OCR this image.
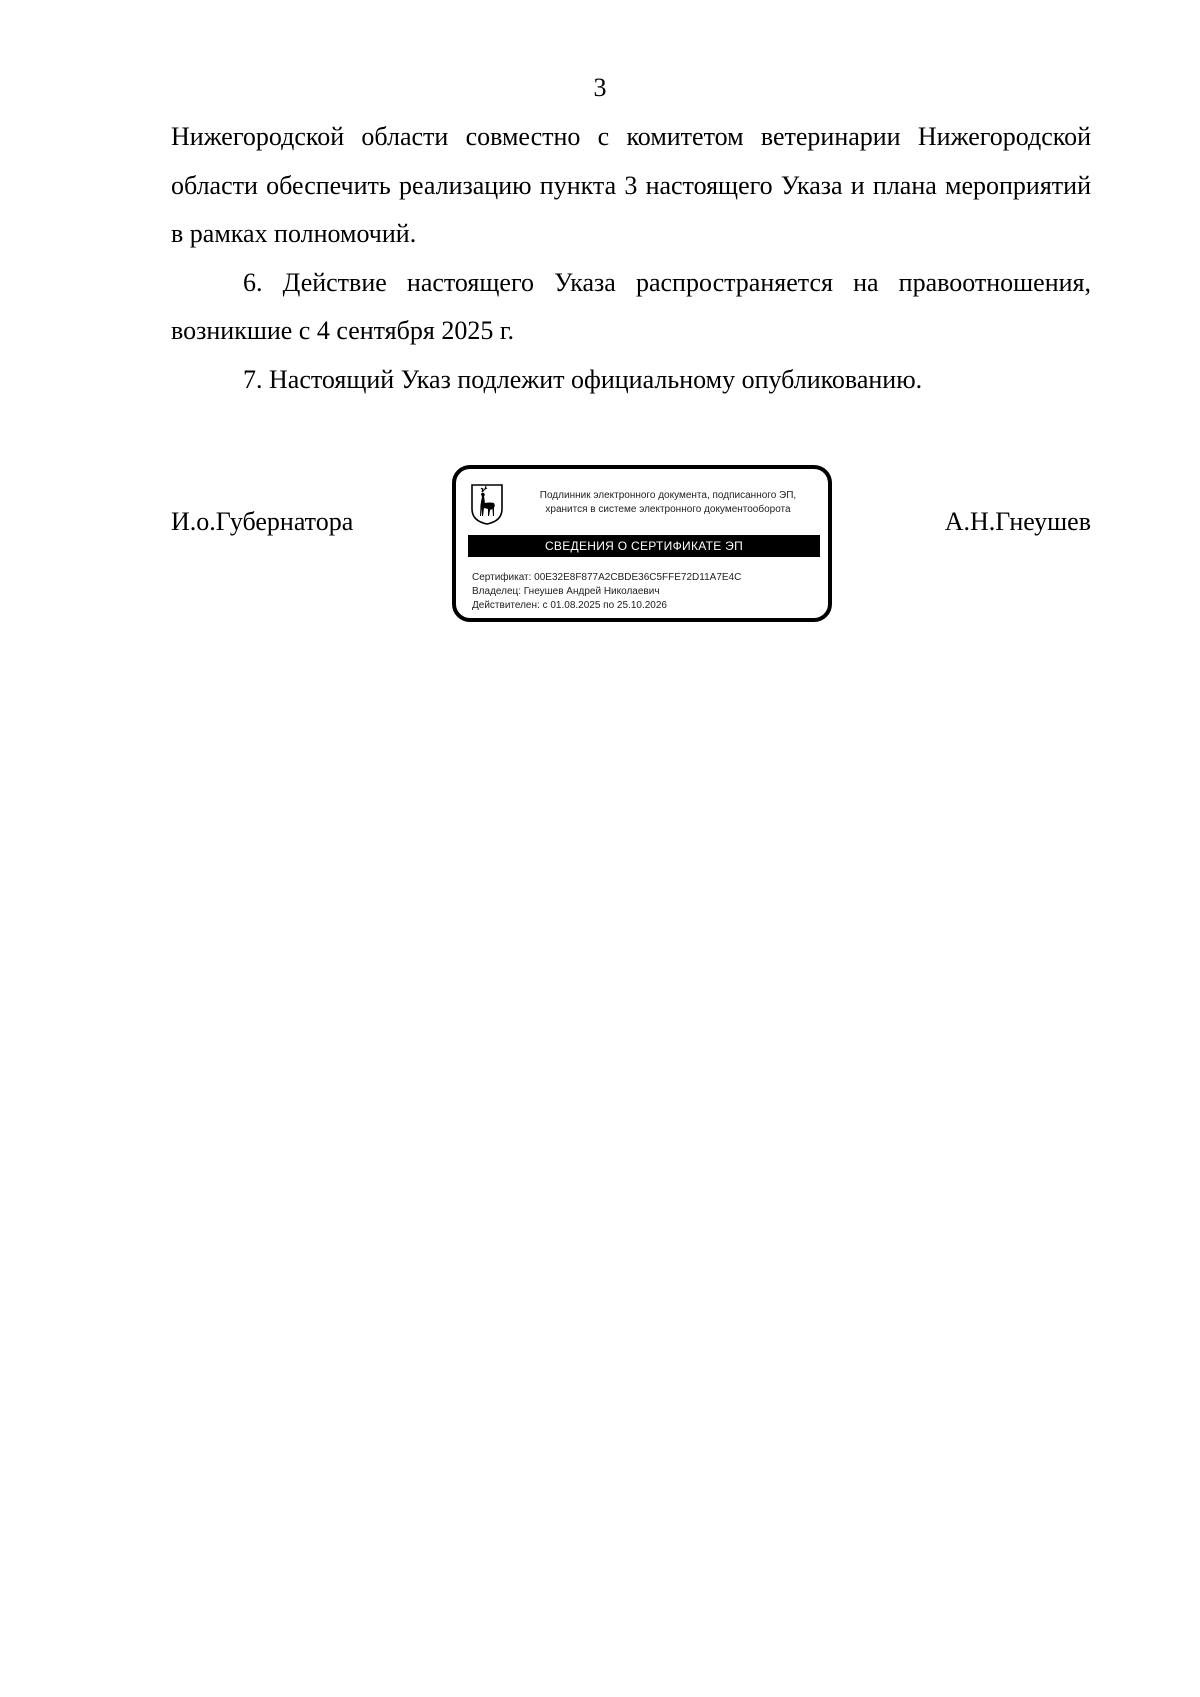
3

Нижегородской области совместно с комитетом ветеринарии Нижегородской области обеспечить реализацию пункта 3 настоящего Указа и плана мероприятий в рамках полномочий.

6. Действие настоящего Указа распространяется на правоотношения, возникшие с 4 сентября 2025 г.

7. Настоящий Указ подлежит официальному опубликованию.

И.о.Губернатора	А.Н.Гнеушев
Подлинник электронного документа, подписанного ЭП,
хранится в системе электронного документооборота
СВЕДЕНИЯ О СЕРТИФИКАТЕ ЭП
Сертификат: 00E32E8F877A2CBDE36C5FFE72D11A7E4C
Владелец: Гнеушев Андрей Николаевич
Действителен: с 01.08.2025 по 25.10.2026
